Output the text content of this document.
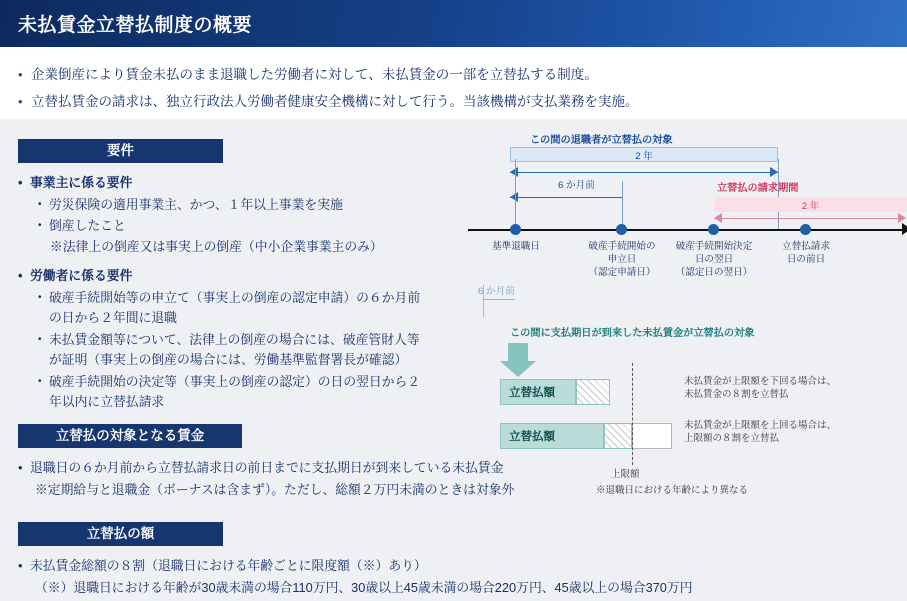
未払賃金立替払制度の概要
• 企業倒産により賃金未払のまま退職した労働者に対して、未払賃金の一部を立替払する制度。
• 立替払賃金の請求は、独立行政法人労働者健康安全機構に対して行う。当該機構が支払業務を実施。
要件
• 事業主に係る要件
• 労災保険の適用事業主、かつ、１年以上事業を実施
• 倒産したこと
※法律上の倒産又は事実上の倒産（中小企業事業主のみ）
• 労働者に係る要件
• 破産手続開始等の申立て（事実上の倒産の認定申請）の６か月前
の日から２年間に退職
• 未払賃金額等について、法律上の倒産の場合には、破産管財人等
が証明（事実上の倒産の場合には、労働基準監督署長が確認）
• 破産手続開始の決定等（事実上の倒産の認定）の日の翌日から２
年以内に立替払請求
立替払の対象となる賃金
• 退職日の６か月前から立替払請求日の前日までに支払期日が到来している未払賃金
※定期給与と退職金（ボーナスは含まず）。ただし、総額２万円未満のときは対象外
立替払の額
• 未払賃金総額の８割（退職日における年齢ごとに限度額（※）あり）
（※）退職日における年齢が30歳未満の場合110万円、30歳以上45歳未満の場合220万円、45歳以上の場合370万円
この間の退職者が立替払の対象
2 年
6 か月前	立替払の請求期間
2 年
基準退職日	破産手続開始の
申立日
（認定申請日）
破産手続開始決定
日の翌日
（認定日の翌日）
立替払請求
日の前日
6 か月前
この間に支払期日が到来した未払賃金が立替払の対象
立替払額
立替払額
未払賃金が上限額を下回る場合は、
未払賃金の８割を立替払
未払賃金が上限額を上回る場合は、
上限額の８割を立替払
上限額
※退職日における年齢により異なる
